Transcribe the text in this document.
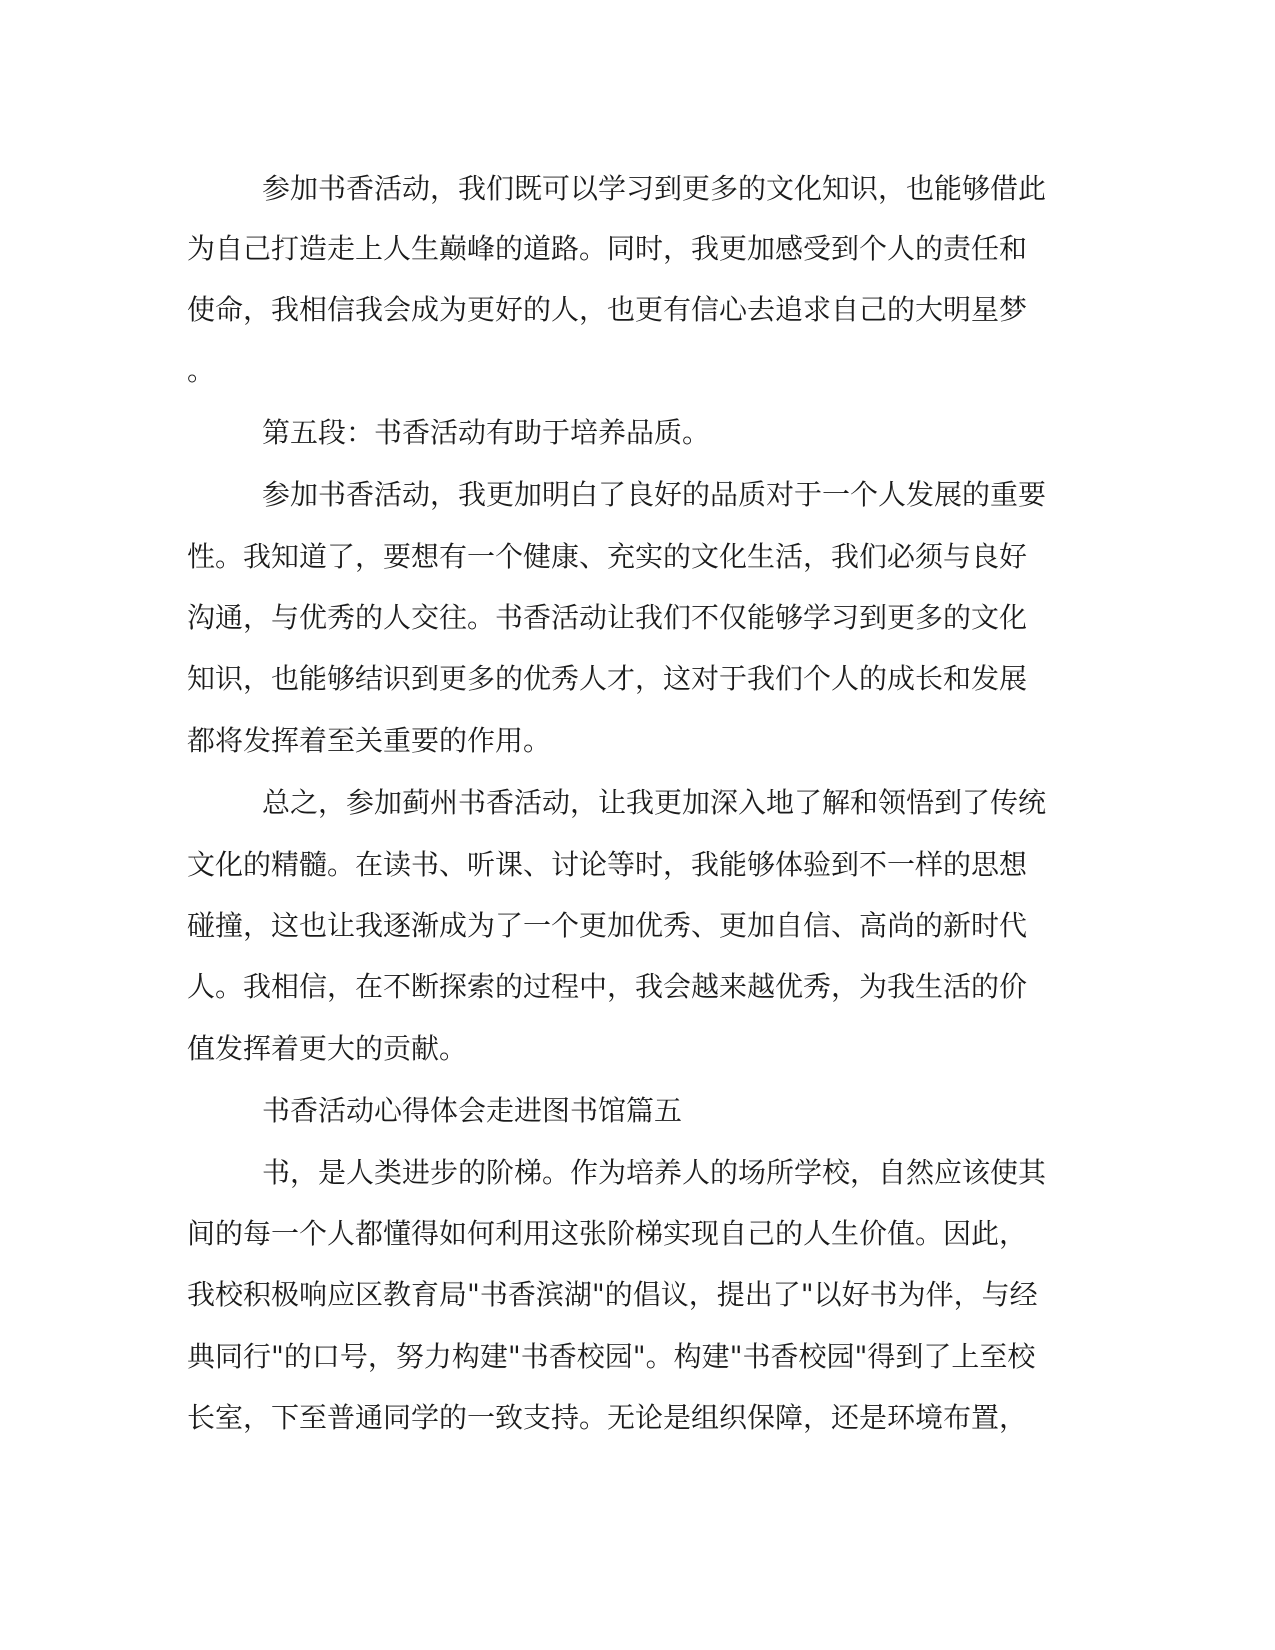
参加书香活动，我们既可以学习到更多的文化知识，也能够借此
为自己打造走上人生巅峰的道路。同时，我更加感受到个人的责任和
使命，我相信我会成为更好的人，也更有信心去追求自己的大明星梦
。
第五段：书香活动有助于培养品质。
参加书香活动，我更加明白了良好的品质对于一个人发展的重要
性。我知道了，要想有一个健康、充实的文化生活，我们必须与良好
沟通，与优秀的人交往。书香活动让我们不仅能够学习到更多的文化
知识，也能够结识到更多的优秀人才，这对于我们个人的成长和发展
都将发挥着至关重要的作用。
总之，参加蓟州书香活动，让我更加深入地了解和领悟到了传统
文化的精髓。在读书、听课、讨论等时，我能够体验到不一样的思想
碰撞，这也让我逐渐成为了一个更加优秀、更加自信、高尚的新时代
人。我相信，在不断探索的过程中，我会越来越优秀，为我生活的价
值发挥着更大的贡献。
书香活动心得体会走进图书馆篇五
书，是人类进步的阶梯。作为培养人的场所学校，自然应该使其
间的每一个人都懂得如何利用这张阶梯实现自己的人生价值。因此，
我校积极响应区教育局"书香滨湖"的倡议，提出了"以好书为伴，与经
典同行"的口号，努力构建"书香校园"。构建"书香校园"得到了上至校
长室，下至普通同学的一致支持。无论是组织保障，还是环境布置，
